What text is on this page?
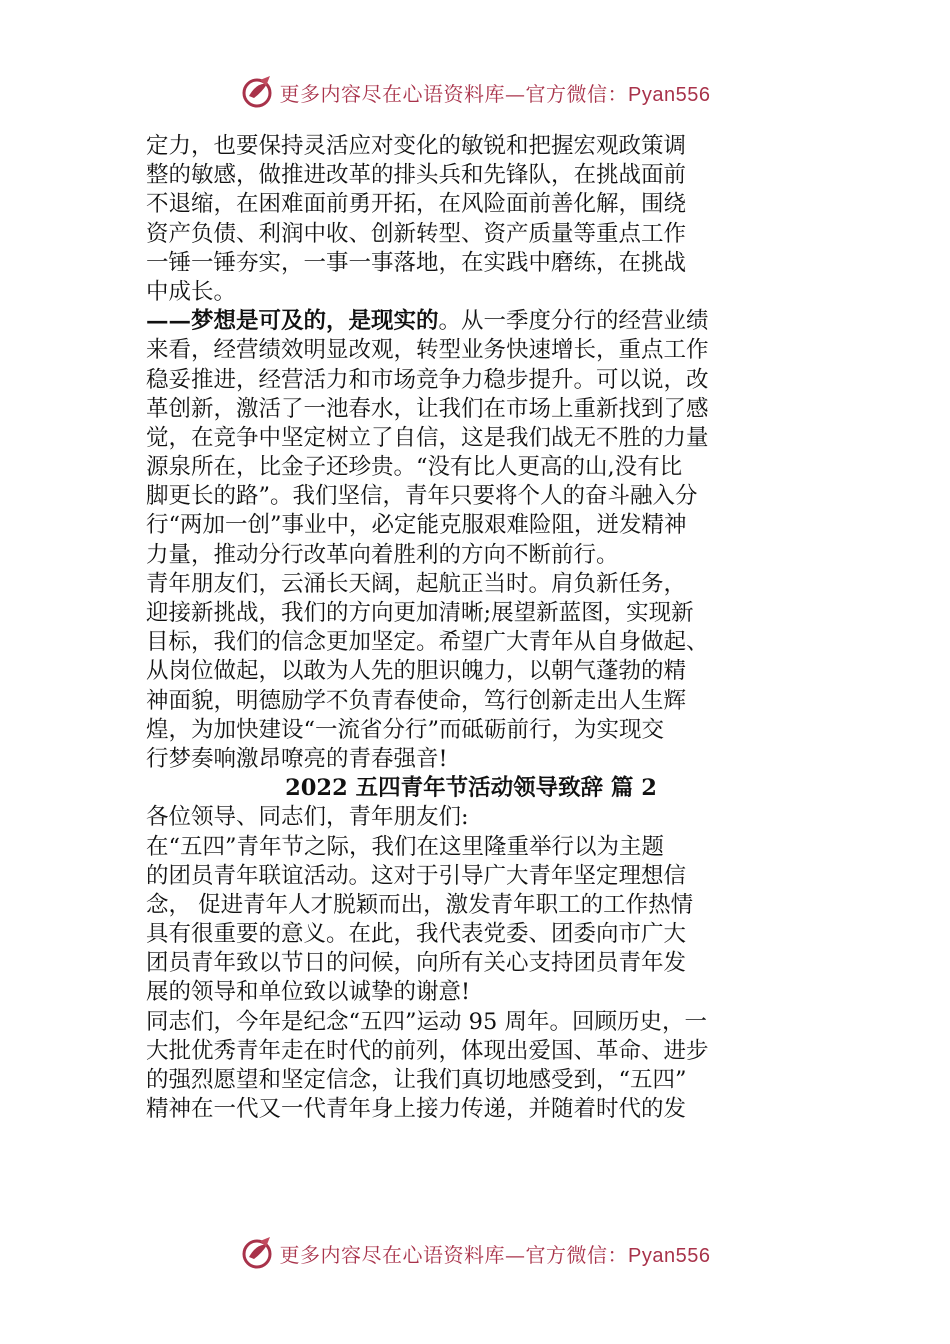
更多内容尽在心语资料库—官方微信：Pyan556
定力，也要保持灵活应对变化的敏锐和把握宏观政策调
整的敏感，做推进改革的排头兵和先锋队，在挑战面前
不退缩，在困难面前勇开拓，在风险面前善化解，围绕
资产负债、利润中收、创新转型、资产质量等重点工作
一锤一锤夯实，一事一事落地，在实践中磨练，在挑战
中成长。
——梦想是可及的，是现实的。从一季度分行的经营业绩
来看，经营绩效明显改观，转型业务快速增长，重点工作
稳妥推进，经营活力和市场竞争力稳步提升。可以说，改
革创新，激活了一池春水，让我们在市场上重新找到了感
觉，在竞争中坚定树立了自信，这是我们战无不胜的力量
源泉所在，比金子还珍贵。“没有比人更高的山,没有比
脚更长的路”。我们坚信，青年只要将个人的奋斗融入分
行“两加一创”事业中，必定能克服艰难险阻，迸发精神
力量，推动分行改革向着胜利的方向不断前行。
青年朋友们，云涌长天阔，起航正当时。肩负新任务，
迎接新挑战，我们的方向更加清晰;展望新蓝图，实现新
目标，我们的信念更加坚定。希望广大青年从自身做起、
从岗位做起，以敢为人先的胆识魄力，以朝气蓬勃的精
神面貌，明德励学不负青春使命，笃行创新走出人生辉
煌，为加快建设“一流省分行”而砥砺前行，为实现交
行梦奏响激昂嘹亮的青春强音!
2022 五四青年节活动领导致辞 篇 2
各位领导、同志们，青年朋友们:
在“五四”青年节之际，我们在这里隆重举行以为主题
的团员青年联谊活动。这对于引导广大青年坚定理想信
念， 促进青年人才脱颖而出，激发青年职工的工作热情
具有很重要的意义。在此，我代表党委、团委向市广大
团员青年致以节日的问候，向所有关心支持团员青年发
展的领导和单位致以诚挚的谢意!
同志们，今年是纪念“五四”运动 95 周年。回顾历史，一
大批优秀青年走在时代的前列，体现出爱国、革命、进步
的强烈愿望和坚定信念，让我们真切地感受到，“五四”
精神在一代又一代青年身上接力传递，并随着时代的发
更多内容尽在心语资料库—官方微信：Pyan556
